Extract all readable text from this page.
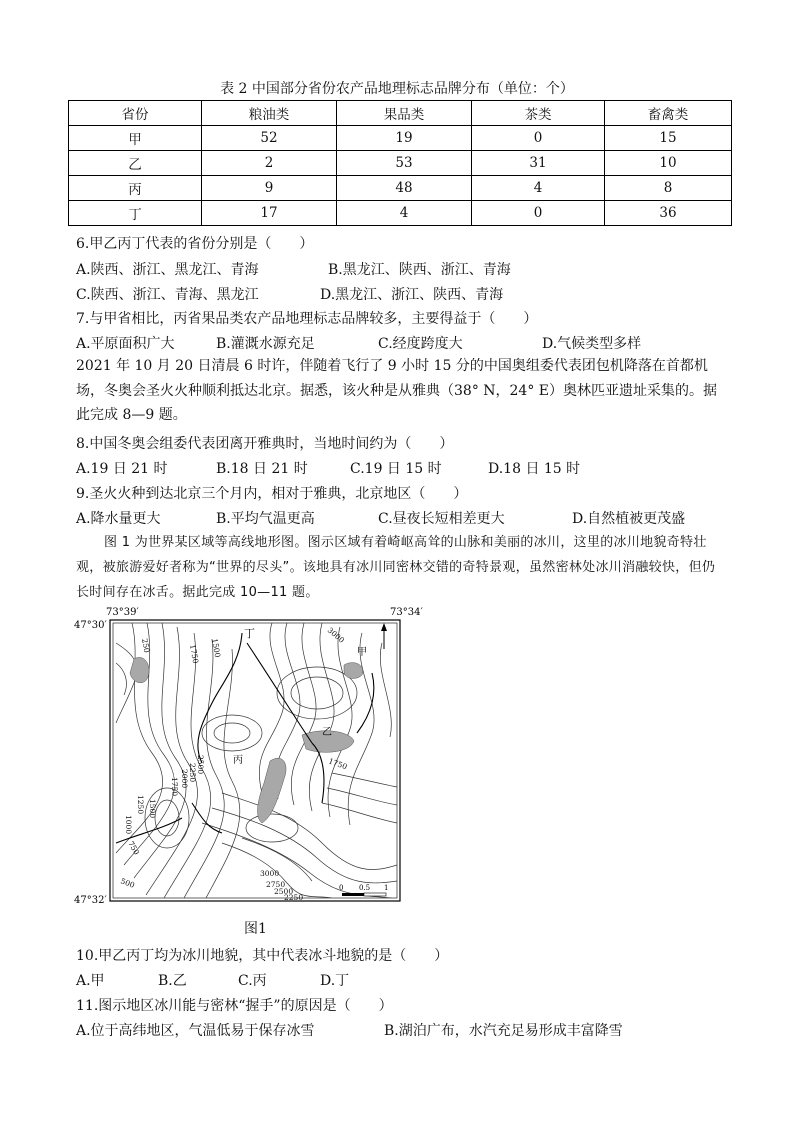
表 2 中国部分省份农产品地理标志品牌分布（单位：个）
省份	粮油类	果品类	茶类	畜禽类
甲	52	19	0	15
乙	2	53	31	10
丙	9	48	4	8
丁	17	4	0	36
6.甲乙丙丁代表的省份分别是（　　）
A.陕西、浙江、黑龙江、青海	B.黑龙江、陕西、浙江、青海
C.陕西、浙江、青海、黑龙江	D.黑龙江、浙江、陕西、青海
7.与甲省相比，丙省果品类农产品地理标志品牌较多，主要得益于（　　）
A.平原面积广大	B.灌溉水源充足	C.经度跨度大	D.气候类型多样
2021 年 10 月 20 日清晨 6 时许，伴随着飞行了 9 小时 15 分的中国奥组委代表团包机降落在首都机场，冬奥会圣火火种顺利抵达北京。据悉，该火种是从雅典（38° N，24° E）奥林匹亚遗址采集的。据此完成 8—9 题。
8.中国冬奥会组委代表团离开雅典时，当地时间约为（　　）
A.19 日 21 时	B.18 日 21 时	C.19 日 15 时	D.18 日 15 时
9.圣火火种到达北京三个月内，相对于雅典，北京地区（　　）
A.降水量更大	B.平均气温更高	C.昼夜长短相差更大	D.自然植被更茂盛
图 1 为世界某区域等高线地形图。图示区域有着崎岖高耸的山脉和美丽的冰川，这里的冰川地貌奇特壮观，被旅游爱好者称为“世界的尽头”。该地具有冰川同密林交错的奇特景观，虽然密林处冰川消融较快，但仍长时间存在冰舌。据此完成 10—11 题。
73°39′	73°34′
47°30′
47°32′
丁
甲
乙
丙
1750 1500
250
3000
1750
2500
2250
2000
1750
1500
1250
1000
750
500
3000
2750
2500
2250
0 0.5 1
图1
10.甲乙丙丁均为冰川地貌，其中代表冰斗地貌的是（　　）
A.甲	B.乙	C.丙	D.丁
11.图示地区冰川能与密林“握手”的原因是（　　）
A.位于高纬地区，气温低易于保存冰雪	B.湖泊广布，水汽充足易形成丰富降雪
